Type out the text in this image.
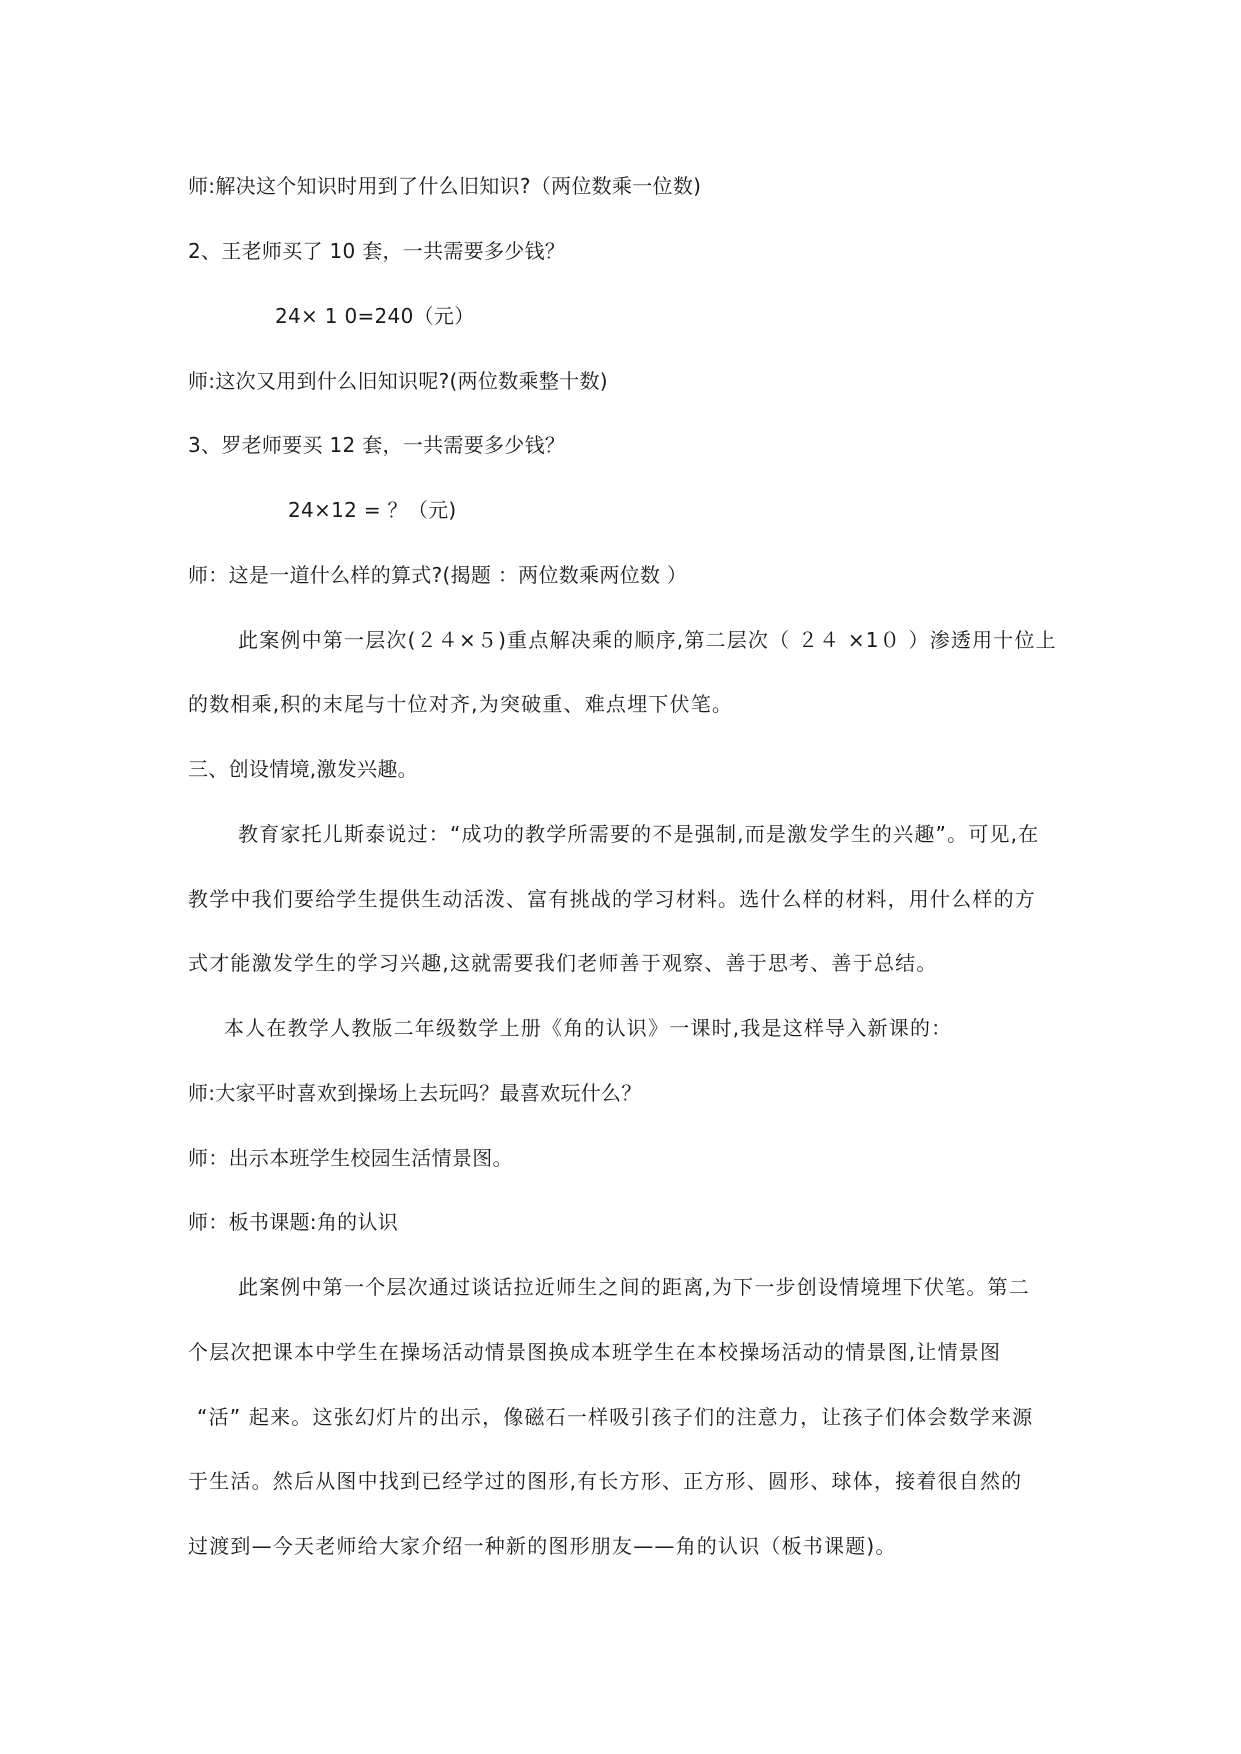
师:解决这个知识时用到了什么旧知识?（两位数乘一位数)
2、王老师买了 10 套，一共需要多少钱？
24× 1 0=240（元）
师:这次又用到什么旧知识呢?(两位数乘整十数)
3、罗老师要买 12 套，一共需要多少钱？
24×12 = ？（元)
师：这是一道什么样的算式?(揭题 ：两位数乘两位数 ）
此案例中第一层次(２４×５)重点解决乘的顺序,第二层次（ ２４ ×1０ ）渗透用十位上
的数相乘,积的末尾与十位对齐,为突破重、难点埋下伏笔。
三、创设情境,激发兴趣。
教育家托儿斯泰说过：“成功的教学所需要的不是强制,而是激发学生的兴趣”。可见,在
教学中我们要给学生提供生动活泼、富有挑战的学习材料。选什么样的材料，用什么样的方
式才能激发学生的学习兴趣,这就需要我们老师善于观察、善于思考、善于总结。
本人在教学人教版二年级数学上册《角的认识》一课时,我是这样导入新课的：
师:大家平时喜欢到操场上去玩吗？最喜欢玩什么？
师：出示本班学生校园生活情景图。
师：板书课题:角的认识
此案例中第一个层次通过谈话拉近师生之间的距离,为下一步创设情境埋下伏笔。第二
个层次把课本中学生在操场活动情景图换成本班学生在本校操场活动的情景图,让情景图
“活” 起来。这张幻灯片的出示，像磁石一样吸引孩子们的注意力，让孩子们体会数学来源
于生活。然后从图中找到已经学过的图形,有长方形、正方形、圆形、球体，接着很自然的
过渡到—今天老师给大家介绍一种新的图形朋友——角的认识（板书课题)。
